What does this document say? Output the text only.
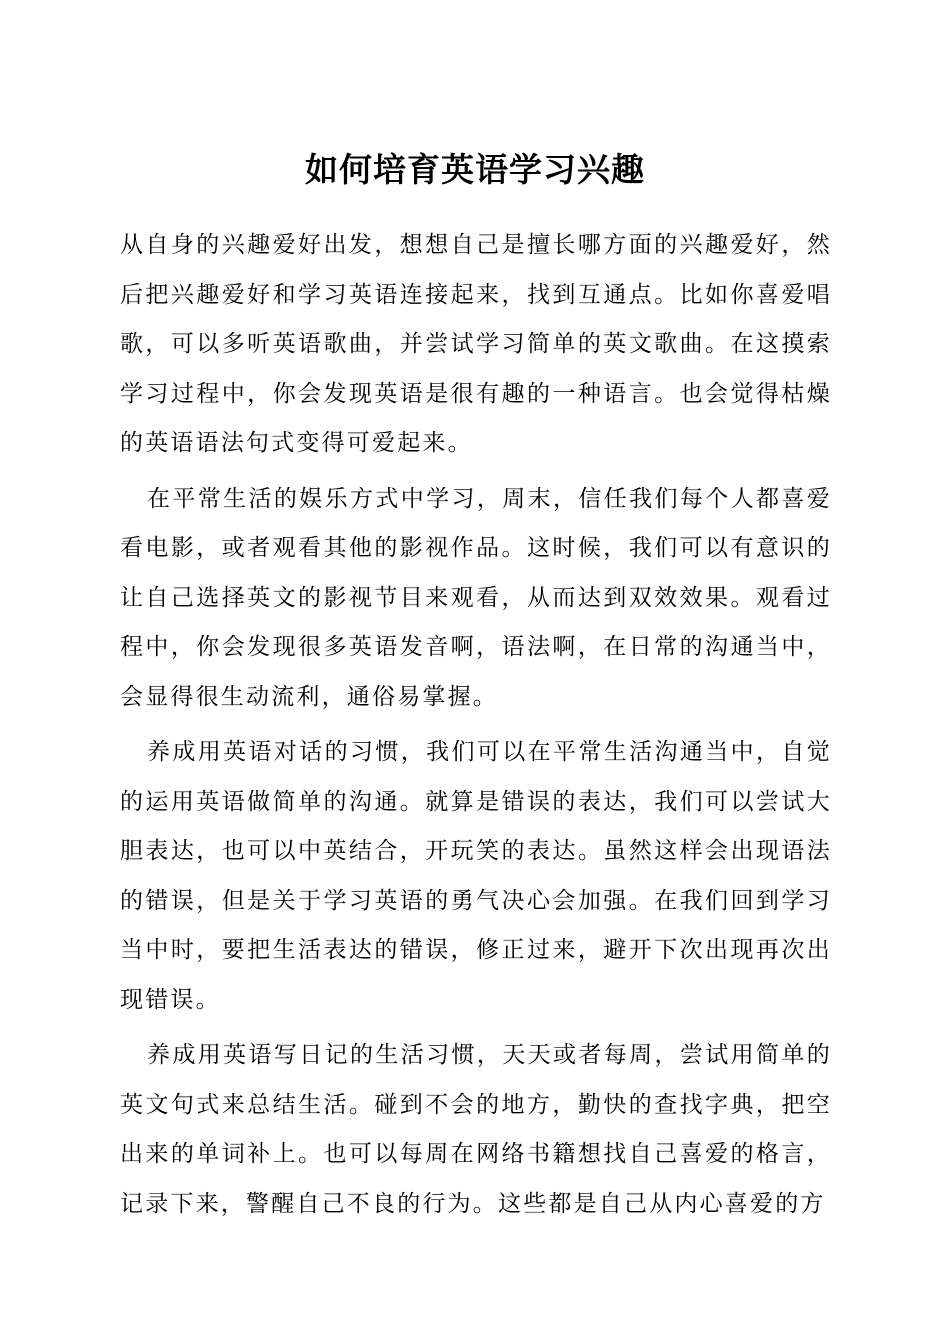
如何培育英语学习兴趣

从自身的兴趣爱好出发，想想自己是擅长哪方面的兴趣爱好，然后把兴趣爱好和学习英语连接起来，找到互通点。比如你喜爱唱歌，可以多听英语歌曲，并尝试学习简单的英文歌曲。在这摸索学习过程中，你会发现英语是很有趣的一种语言。也会觉得枯燥的英语语法句式变得可爱起来。

在平常生活的娱乐方式中学习，周末，信任我们每个人都喜爱看电影，或者观看其他的影视作品。这时候，我们可以有意识的让自己选择英文的影视节目来观看，从而达到双效效果。观看过程中，你会发现很多英语发音啊，语法啊，在日常的沟通当中，会显得很生动流利，通俗易掌握。

养成用英语对话的习惯，我们可以在平常生活沟通当中，自觉的运用英语做简单的沟通。就算是错误的表达，我们可以尝试大胆表达，也可以中英结合，开玩笑的表达。虽然这样会出现语法的错误，但是关于学习英语的勇气决心会加强。在我们回到学习当中时，要把生活表达的错误，修正过来，避开下次出现再次出现错误。

养成用英语写日记的生活习惯，天天或者每周，尝试用简单的英文句式来总结生活。碰到不会的地方，勤快的查找字典，把空出来的单词补上。也可以每周在网络书籍想找自己喜爱的格言，记录下来，警醒自己不良的行为。这些都是自己从内心喜爱的方
